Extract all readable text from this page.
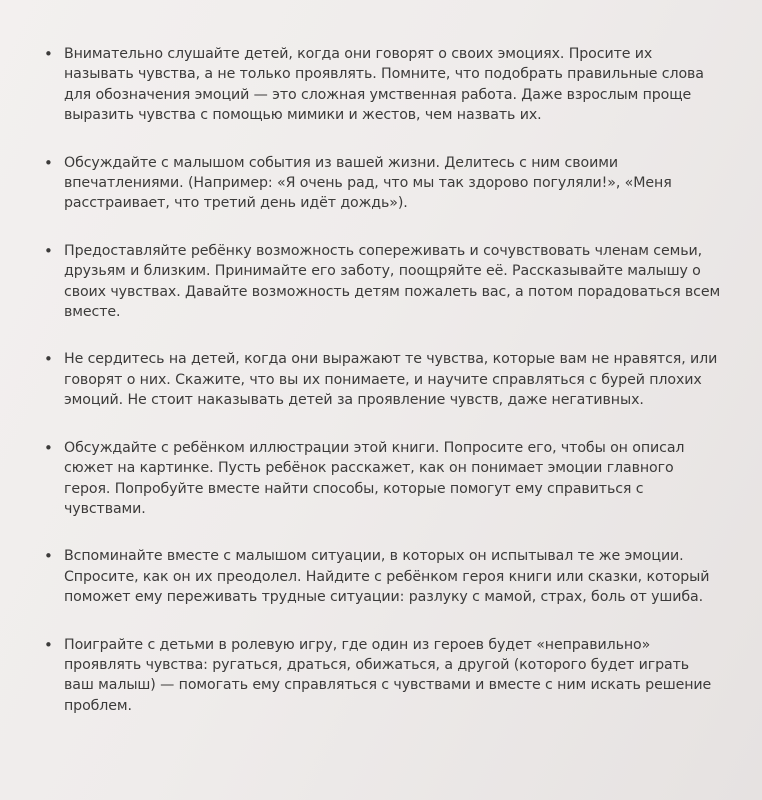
• Внимательно слушайте детей, когда они говорят о своих эмоциях. Просите их называть чувства, а не только проявлять. Помните, что подобрать правильные слова для обозначения эмоций — это сложная умственная работа. Даже взрослым проще выразить чувства с помощью мимики и жестов, чем назвать их.
• Обсуждайте с малышом события из вашей жизни. Делитесь с ним своими впечатлениями. (Например: «Я очень рад, что мы так здорово погуляли!», «Меня расстраивает, что третий день идёт дождь»).
• Предоставляйте ребёнку возможность сопереживать и сочувствовать членам семьи, друзьям и близким. Принимайте его заботу, поощряйте её. Рассказывайте малышу о своих чувствах. Давайте возможность детям пожалеть вас, а потом порадоваться всем вместе.
• Не сердитесь на детей, когда они выражают те чувства, которые вам не нравятся, или говорят о них. Скажите, что вы их понимаете, и научите справляться с бурей плохих эмоций. Не стоит наказывать детей за проявление чувств, даже негативных.
• Обсуждайте с ребёнком иллюстрации этой книги. Попросите его, чтобы он описал сюжет на картинке. Пусть ребёнок расскажет, как он понимает эмоции главного героя. Попробуйте вместе найти способы, которые помогут ему справиться с чувствами.
• Вспоминайте вместе с малышом ситуации, в которых он испытывал те же эмоции. Спросите, как он их преодолел. Найдите с ребёнком героя книги или сказки, который поможет ему переживать трудные ситуации: разлуку с мамой, страх, боль от ушиба.
• Поиграйте с детьми в ролевую игру, где один из героев будет «неправильно» проявлять чувства: ругаться, драться, обижаться, а другой (которого будет играть ваш малыш) — помогать ему справляться с чувствами и вместе с ним искать решение проблем.
